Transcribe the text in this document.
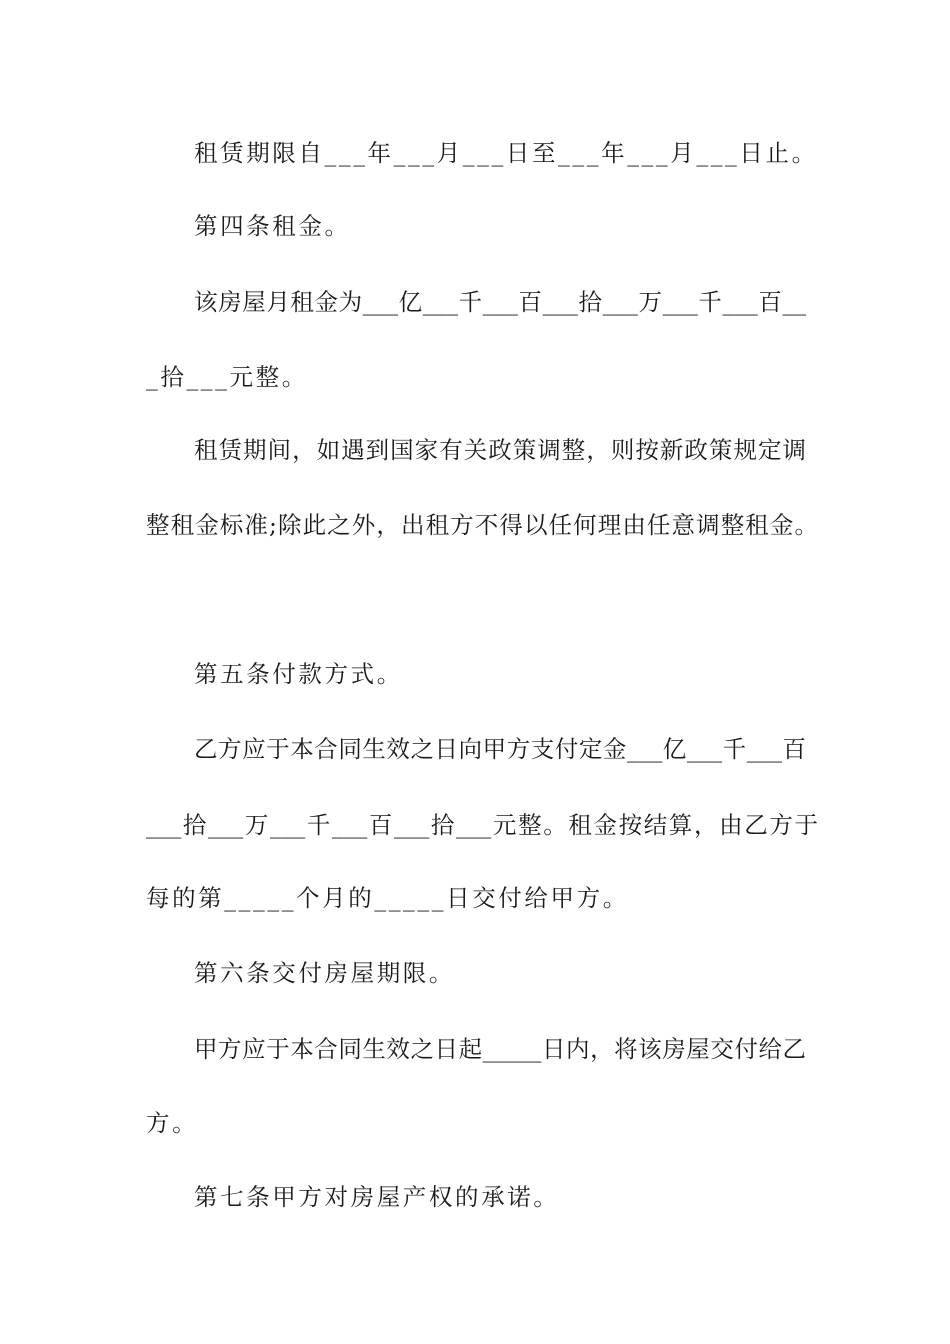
租赁期限自___年___月___日至___年___月___日止。
第四条租金。
该房屋月租金为___亿___千___百___拾___万___千___百__
_拾___元整。
租赁期间，如遇到国家有关政策调整，则按新政策规定调
整租金标准;除此之外，出租方不得以任何理由任意调整租金。
第五条付款方式。
乙方应于本合同生效之日向甲方支付定金___亿___千___百
___拾___万___千___百___拾___元整。租金按结算，由乙方于
每的第_____个月的_____日交付给甲方。
第六条交付房屋期限。
甲方应于本合同生效之日起_____日内，将该房屋交付给乙
方。
第七条甲方对房屋产权的承诺。
